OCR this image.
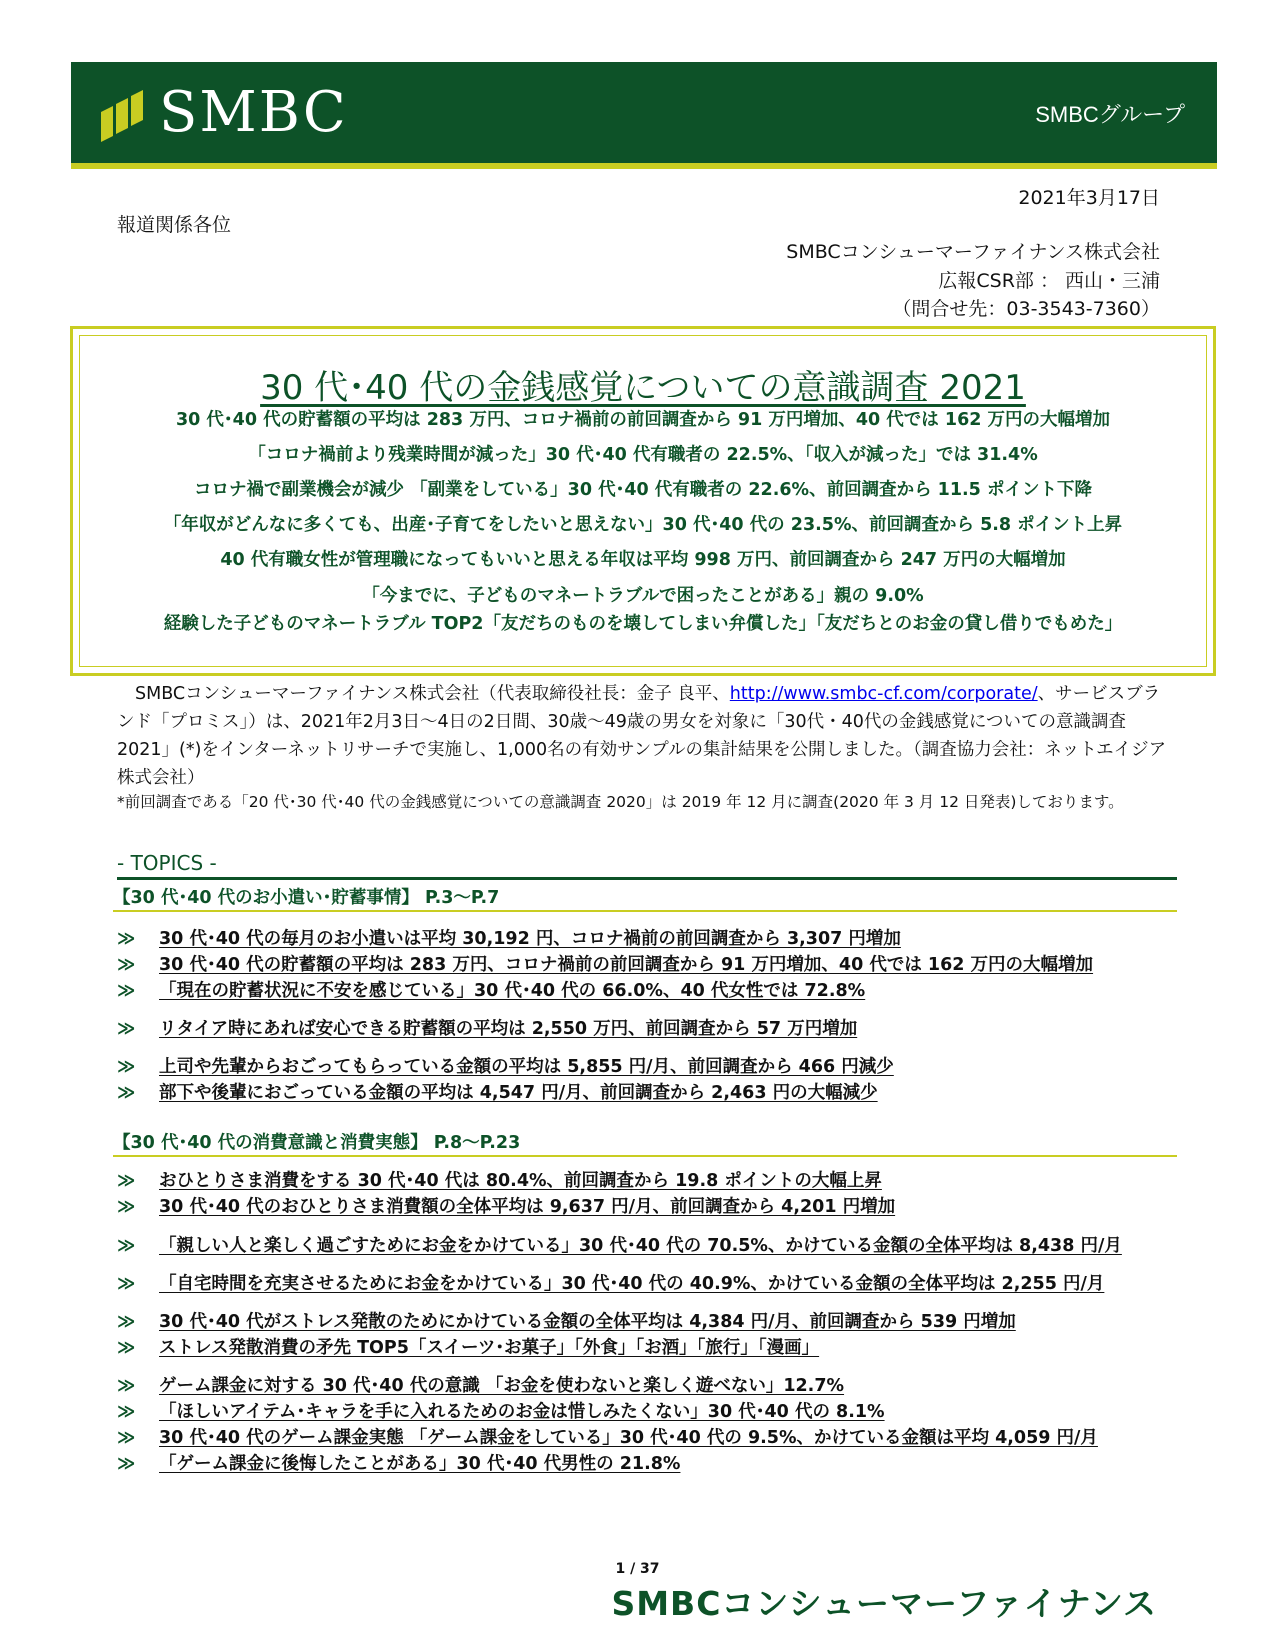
SMBC	SMBCグループ
2021年3月17日
報道関係各位
SMBCコンシューマーファイナンス株式会社
広報CSR部 ： 西山・三浦
（問合せ先：03-3543-7360）
30 代･40 代の金銭感覚についての意識調査 2021
30 代･40 代の貯蓄額の平均は 283 万円、コロナ禍前の前回調査から 91 万円増加、40 代では 162 万円の大幅増加
「コロナ禍前より残業時間が減った」30 代･40 代有職者の 22.5%、「収入が減った」では 31.4%
コロナ禍で副業機会が減少 「副業をしている」30 代･40 代有職者の 22.6%、前回調査から 11.5 ポイント下降
「年収がどんなに多くても、出産･子育てをしたいと思えない」30 代･40 代の 23.5%、前回調査から 5.8 ポイント上昇
40 代有職女性が管理職になってもいいと思える年収は平均 998 万円、前回調査から 247 万円の大幅増加
「今までに、子どものマネートラブルで困ったことがある」親の 9.0%
経験した子どものマネートラブル TOP2「友だちのものを壊してしまい弁償した」「友だちとのお金の貸し借りでもめた」
SMBCコンシューマーファイナンス株式会社（代表取締役社長：金子 良平、http://www.smbc-cf.com/corporate/、サービスブランド「プロミス」）は、2021年2月3日～4日の2日間、30歳～49歳の男女を対象に「30代・40代の金銭感覚についての意識調査2021」(*)をインターネットリサーチで実施し、1,000名の有効サンプルの集計結果を公開しました。（調査協力会社：ネットエイジア株式会社）
*前回調査である「20 代･30 代･40 代の金銭感覚についての意識調査 2020」は 2019 年 12 月に調査(2020 年 3 月 12 日発表)しております。
- TOPICS -
【30 代･40 代のお小遣い･貯蓄事情】 P.3～P.7
≫ 30 代･40 代の毎月のお小遣いは平均 30,192 円、コロナ禍前の前回調査から 3,307 円増加
≫ 30 代･40 代の貯蓄額の平均は 283 万円、コロナ禍前の前回調査から 91 万円増加、40 代では 162 万円の大幅増加
≫ 「現在の貯蓄状況に不安を感じている」30 代･40 代の 66.0%、40 代女性では 72.8%
≫ リタイア時にあれば安心できる貯蓄額の平均は 2,550 万円、前回調査から 57 万円増加
≫ 上司や先輩からおごってもらっている金額の平均は 5,855 円/月、前回調査から 466 円減少
≫ 部下や後輩におごっている金額の平均は 4,547 円/月、前回調査から 2,463 円の大幅減少
【30 代･40 代の消費意識と消費実態】 P.8～P.23
≫ おひとりさま消費をする 30 代･40 代は 80.4%、前回調査から 19.8 ポイントの大幅上昇
≫ 30 代･40 代のおひとりさま消費額の全体平均は 9,637 円/月、前回調査から 4,201 円増加
≫ 「親しい人と楽しく過ごすためにお金をかけている」30 代･40 代の 70.5%、かけている金額の全体平均は 8,438 円/月
≫ 「自宅時間を充実させるためにお金をかけている」30 代･40 代の 40.9%、かけている金額の全体平均は 2,255 円/月
≫ 30 代･40 代がストレス発散のためにかけている金額の全体平均は 4,384 円/月、前回調査から 539 円増加
≫ ストレス発散消費の矛先 TOP5「スイーツ･お菓子」「外食」「お酒」「旅行」「漫画」
≫ ゲーム課金に対する 30 代･40 代の意識 「お金を使わないと楽しく遊べない」12.7%
≫ 「ほしいアイテム･キャラを手に入れるためのお金は惜しみたくない」30 代･40 代の 8.1%
≫ 30 代･40 代のゲーム課金実態 「ゲーム課金をしている」30 代･40 代の 9.5%、かけている金額は平均 4,059 円/月
≫ 「ゲーム課金に後悔したことがある」30 代･40 代男性の 21.8%
1 / 37
SMBCコンシューマーファイナンス
